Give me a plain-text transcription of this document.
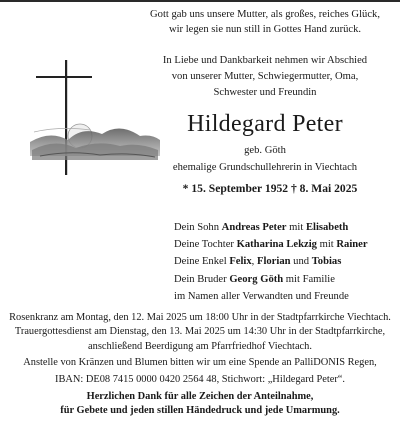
Gott gab uns unsere Mutter, als großes, reiches Glück,
wir legen sie nun still in Gottes Hand zurück.
In Liebe und Dankbarkeit nehmen wir Abschied
von unserer Mutter, Schwiegermutter, Oma,
Schwester und Freundin
Hildegard Peter
geb. Göth
ehemalige Grundschullehrerin in Viechtach
* 15. September 1952 † 8. Mai 2025
Dein Sohn Andreas Peter mit Elisabeth
Deine Tochter Katharina Lekzig mit Rainer
Deine Enkel Felix, Florian und Tobias
Dein Bruder Georg Göth mit Familie
im Namen aller Verwandten und Freunde
Rosenkranz am Montag, den 12. Mai 2025 um 18:00 Uhr in der Stadtpfarrkirche Viechtach.
Trauergottesdienst am Dienstag, den 13. Mai 2025 um 14:30 Uhr in der Stadtpfarrkirche,
anschließend Beerdigung am Pfarrfriedhof Viechtach.
Anstelle von Kränzen und Blumen bitten wir um eine Spende an PalliDONIS Regen,
IBAN: DE08 7415 0000 0420 2564 48, Stichwort: „Hildegard Peter“.
Herzlichen Dank für alle Zeichen der Anteilnahme,
für Gebete und jeden stillen Händedruck und jede Umarmung.
